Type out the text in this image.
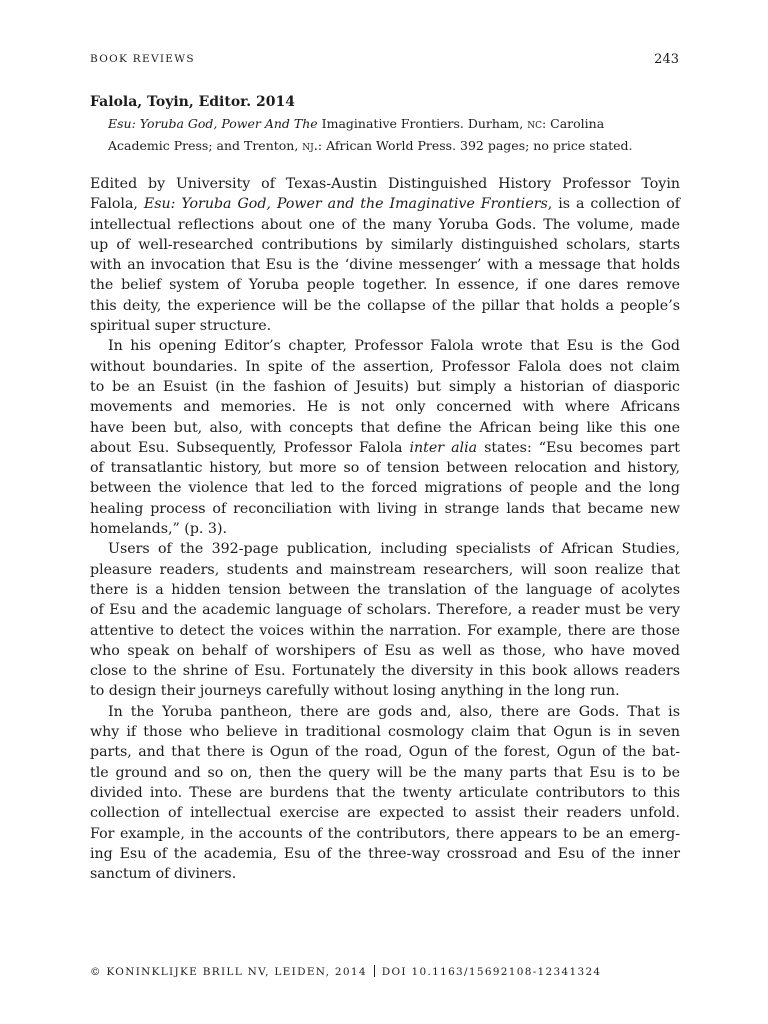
BOOK REVIEWS	243
Falola, Toyin, Editor. 2014
Esu: Yoruba God, Power And The Imaginative Frontiers. Durham, nc: Carolina
Academic Press; and Trenton, nj.: African World Press. 392 pages; no price stated.
Edited by University of Texas-Austin Distinguished History Professor Toyin
Falola, Esu: Yoruba God, Power and the Imaginative Frontiers, is a collection of
intellectual reflections about one of the many Yoruba Gods. The volume, made
up of well-researched contributions by similarly distinguished scholars, starts
with an invocation that Esu is the ‘divine messenger’ with a message that holds
the belief system of Yoruba people together. In essence, if one dares remove
this deity, the experience will be the collapse of the pillar that holds a people’s
spiritual super structure.
In his opening Editor’s chapter, Professor Falola wrote that Esu is the God
without boundaries. In spite of the assertion, Professor Falola does not claim
to be an Esuist (in the fashion of Jesuits) but simply a historian of diasporic
movements and memories. He is not only concerned with where Africans
have been but, also, with concepts that define the African being like this one
about Esu. Subsequently, Professor Falola inter alia states: “Esu becomes part
of transatlantic history, but more so of tension between relocation and history,
between the violence that led to the forced migrations of people and the long
healing process of reconciliation with living in strange lands that became new
homelands,” (p. 3).
Users of the 392-page publication, including specialists of African Studies,
pleasure readers, students and mainstream researchers, will soon realize that
there is a hidden tension between the translation of the language of acolytes
of Esu and the academic language of scholars. Therefore, a reader must be very
attentive to detect the voices within the narration. For example, there are those
who speak on behalf of worshipers of Esu as well as those, who have moved
close to the shrine of Esu. Fortunately the diversity in this book allows readers
to design their journeys carefully without losing anything in the long run.
In the Yoruba pantheon, there are gods and, also, there are Gods. That is
why if those who believe in traditional cosmology claim that Ogun is in seven
parts, and that there is Ogun of the road, Ogun of the forest, Ogun of the bat-
tle ground and so on, then the query will be the many parts that Esu is to be
divided into. These are burdens that the twenty articulate contributors to this
collection of intellectual exercise are expected to assist their readers unfold.
For example, in the accounts of the contributors, there appears to be an emerg-
ing Esu of the academia, Esu of the three-way crossroad and Esu of the inner
sanctum of diviners.
© KONINKLIJKE BRILL NV, LEIDEN, 2014 DOI 10.1163/15692108-12341324
